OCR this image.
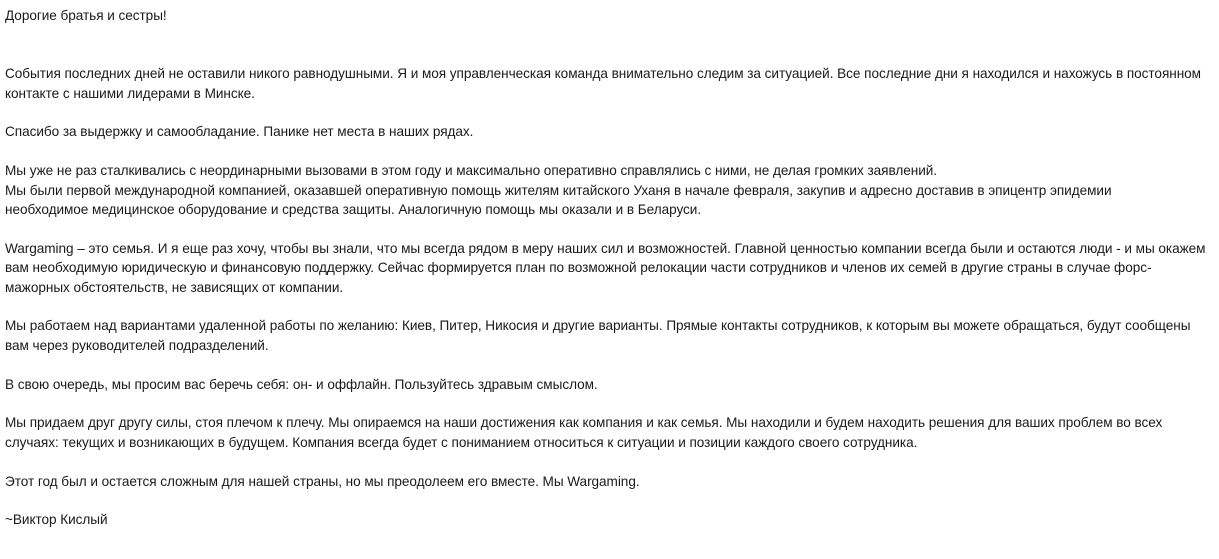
Дорогие братья и сестры!

События последних дней не оставили никого равнодушными. Я и моя управленческая команда внимательно следим за ситуацией. Все последние дни я находился и нахожусь в постоянном

контакте с нашими лидерами в Минске.

Спасибо за выдержку и самообладание. Панике нет места в наших рядах.

Мы уже не раз сталкивались с неординарными вызовами в этом году и максимально оперативно справлялись с ними, не делая громких заявлений.

Мы были первой международной компанией, оказавшей оперативную помощь жителям китайского Уханя в начале февраля, закупив и адресно доставив в эпицентр эпидемии

необходимое медицинское оборудование и средства защиты. Аналогичную помощь мы оказали и в Беларуси.

Wargaming – это семья. И я еще раз хочу, чтобы вы знали, что мы всегда рядом в меру наших сил и возможностей. Главной ценностью компании всегда были и остаются люди - и мы окажем

вам необходимую юридическую и финансовую поддержку. Сейчас формируется план по возможной релокации части сотрудников и членов их семей в другие страны в случае форс-

мажорных обстоятельств, не зависящих от компании.

Мы работаем над вариантами удаленной работы по желанию: Киев, Питер, Никосия и другие варианты. Прямые контакты сотрудников, к которым вы можете обращаться, будут сообщены

вам через руководителей подразделений.

В свою очередь, мы просим вас беречь себя: он- и оффлайн. Пользуйтесь здравым смыслом.

Мы придаем друг другу силы, стоя плечом к плечу. Мы опираемся на наши достижения как компания и как семья. Мы находили и будем находить решения для ваших проблем во всех

случаях: текущих и возникающих в будущем. Компания всегда будет с пониманием относиться к ситуации и позиции каждого своего сотрудника.

Этот год был и остается сложным для нашей страны, но мы преодолеем его вместе. Мы Wargaming.

~Виктор Кислый
